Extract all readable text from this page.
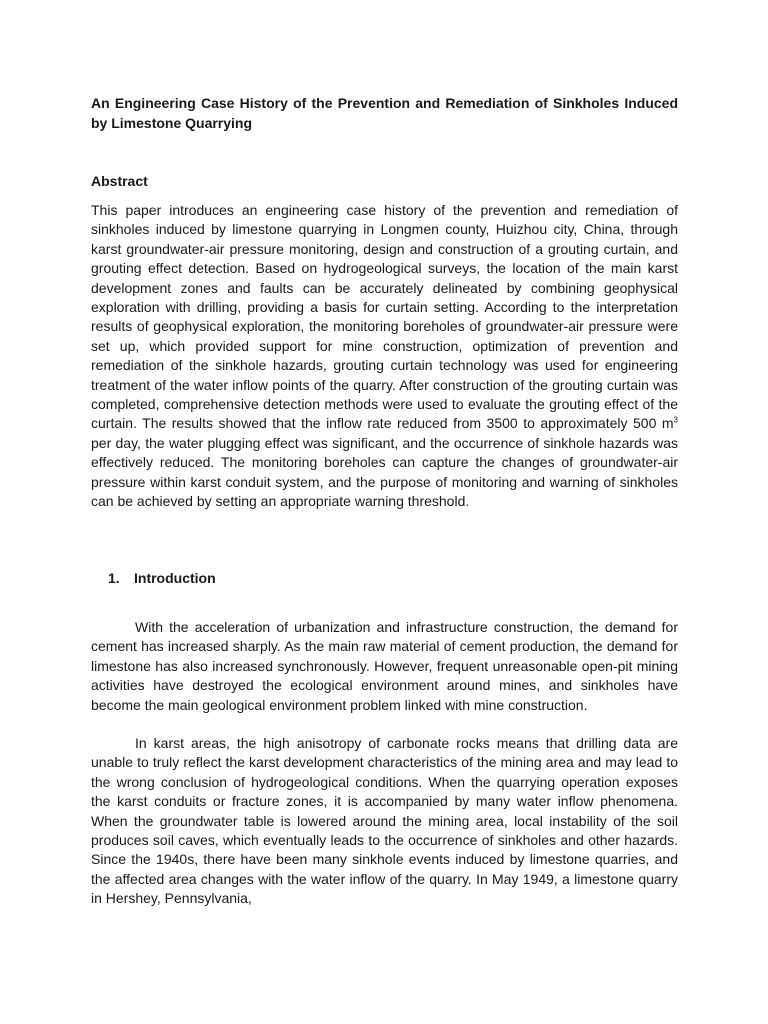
An Engineering Case History of the Prevention and Remediation of Sinkholes Induced by Limestone Quarrying
Abstract

This paper introduces an engineering case history of the prevention and remediation of sinkholes induced by limestone quarrying in Longmen county, Huizhou city, China, through karst groundwater-air pressure monitoring, design and construction of a grouting curtain, and grouting effect detection. Based on hydrogeological surveys, the location of the main karst development zones and faults can be accurately delineated by combining geophysical exploration with drilling, providing a basis for curtain setting. According to the interpretation results of geophysical exploration, the monitoring boreholes of groundwater-air pressure were set up, which provided support for mine construction, optimization of prevention and remediation of the sinkhole hazards, grouting curtain technology was used for engineering treatment of the water inflow points of the quarry. After construction of the grouting curtain was completed, comprehensive detection methods were used to evaluate the grouting effect of the curtain. The results showed that the inflow rate reduced from 3500 to approximately 500 $m^3$ per day, the water plugging effect was significant, and the occurrence of sinkhole hazards was effectively reduced. The monitoring boreholes can capture the changes of groundwater-air pressure within karst conduit system, and the purpose of monitoring and warning of sinkholes can be achieved by setting an appropriate warning threshold.

1. Introduction

With the acceleration of urbanization and infrastructure construction, the demand for cement has increased sharply. As the main raw material of cement production, the demand for limestone has also increased synchronously. However, frequent unreasonable open-pit mining activities have destroyed the ecological environment around mines, and sinkholes have become the main geological environment problem linked with mine construction.

In karst areas, the high anisotropy of carbonate rocks means that drilling data are unable to truly reflect the karst development characteristics of the mining area and may lead to the wrong conclusion of hydrogeological conditions. When the quarrying operation exposes the karst conduits or fracture zones, it is accompanied by many water inflow phenomena. When the groundwater table is lowered around the mining area, local instability of the soil produces soil caves, which eventually leads to the occurrence of sinkholes and other hazards. Since the 1940s, there have been many sinkhole events induced by limestone quarries, and the affected area changes with the water inflow of the quarry. In May 1949, a limestone quarry in Hershey, Pennsylvania,
